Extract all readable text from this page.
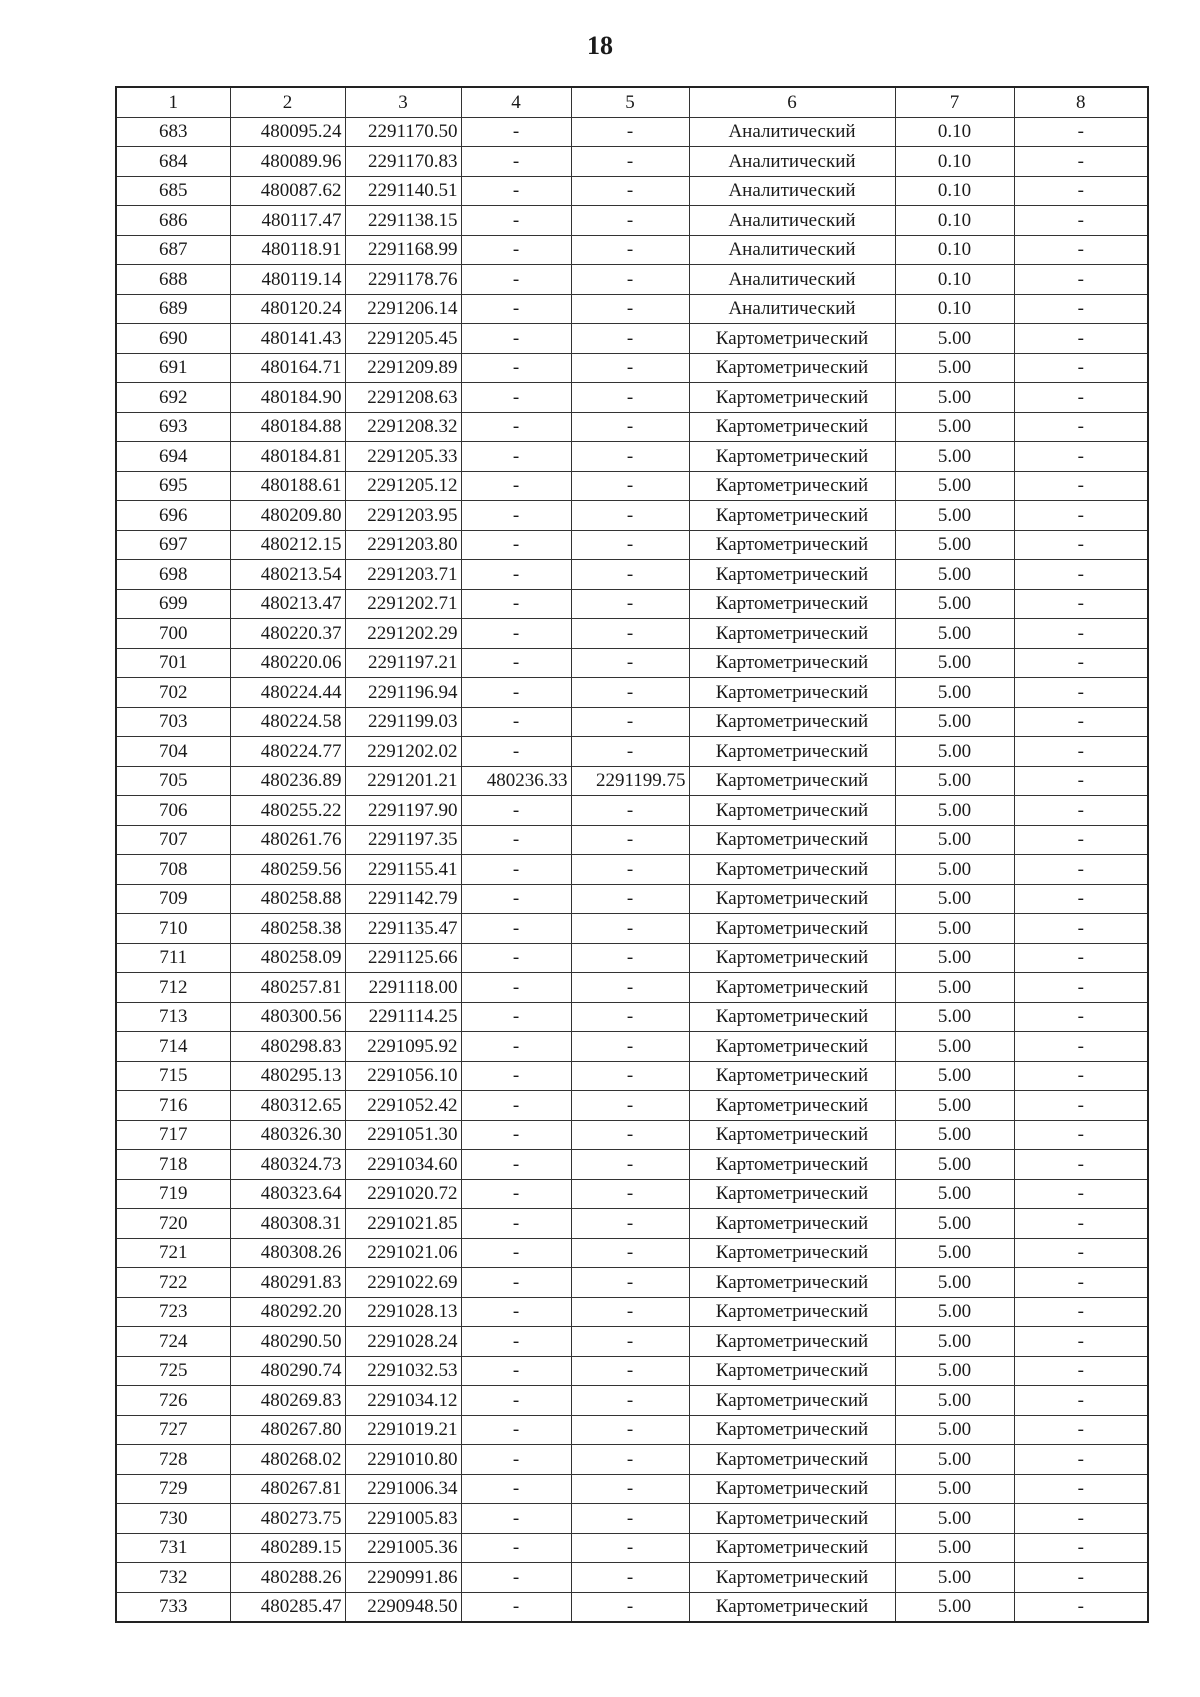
18
1	2	3	4	5	6	7	8
683	480095.24	2291170.50	-	-	Аналитический	0.10	-
684	480089.96	2291170.83	-	-	Аналитический	0.10	-
685	480087.62	2291140.51	-	-	Аналитический	0.10	-
686	480117.47	2291138.15	-	-	Аналитический	0.10	-
687	480118.91	2291168.99	-	-	Аналитический	0.10	-
688	480119.14	2291178.76	-	-	Аналитический	0.10	-
689	480120.24	2291206.14	-	-	Аналитический	0.10	-
690	480141.43	2291205.45	-	-	Картометрический	5.00	-
691	480164.71	2291209.89	-	-	Картометрический	5.00	-
692	480184.90	2291208.63	-	-	Картометрический	5.00	-
693	480184.88	2291208.32	-	-	Картометрический	5.00	-
694	480184.81	2291205.33	-	-	Картометрический	5.00	-
695	480188.61	2291205.12	-	-	Картометрический	5.00	-
696	480209.80	2291203.95	-	-	Картометрический	5.00	-
697	480212.15	2291203.80	-	-	Картометрический	5.00	-
698	480213.54	2291203.71	-	-	Картометрический	5.00	-
699	480213.47	2291202.71	-	-	Картометрический	5.00	-
700	480220.37	2291202.29	-	-	Картометрический	5.00	-
701	480220.06	2291197.21	-	-	Картометрический	5.00	-
702	480224.44	2291196.94	-	-	Картометрический	5.00	-
703	480224.58	2291199.03	-	-	Картометрический	5.00	-
704	480224.77	2291202.02	-	-	Картометрический	5.00	-
705	480236.89	2291201.21	480236.33	2291199.75	Картометрический	5.00	-
706	480255.22	2291197.90	-	-	Картометрический	5.00	-
707	480261.76	2291197.35	-	-	Картометрический	5.00	-
708	480259.56	2291155.41	-	-	Картометрический	5.00	-
709	480258.88	2291142.79	-	-	Картометрический	5.00	-
710	480258.38	2291135.47	-	-	Картометрический	5.00	-
711	480258.09	2291125.66	-	-	Картометрический	5.00	-
712	480257.81	2291118.00	-	-	Картометрический	5.00	-
713	480300.56	2291114.25	-	-	Картометрический	5.00	-
714	480298.83	2291095.92	-	-	Картометрический	5.00	-
715	480295.13	2291056.10	-	-	Картометрический	5.00	-
716	480312.65	2291052.42	-	-	Картометрический	5.00	-
717	480326.30	2291051.30	-	-	Картометрический	5.00	-
718	480324.73	2291034.60	-	-	Картометрический	5.00	-
719	480323.64	2291020.72	-	-	Картометрический	5.00	-
720	480308.31	2291021.85	-	-	Картометрический	5.00	-
721	480308.26	2291021.06	-	-	Картометрический	5.00	-
722	480291.83	2291022.69	-	-	Картометрический	5.00	-
723	480292.20	2291028.13	-	-	Картометрический	5.00	-
724	480290.50	2291028.24	-	-	Картометрический	5.00	-
725	480290.74	2291032.53	-	-	Картометрический	5.00	-
726	480269.83	2291034.12	-	-	Картометрический	5.00	-
727	480267.80	2291019.21	-	-	Картометрический	5.00	-
728	480268.02	2291010.80	-	-	Картометрический	5.00	-
729	480267.81	2291006.34	-	-	Картометрический	5.00	-
730	480273.75	2291005.83	-	-	Картометрический	5.00	-
731	480289.15	2291005.36	-	-	Картометрический	5.00	-
732	480288.26	2290991.86	-	-	Картометрический	5.00	-
733	480285.47	2290948.50	-	-	Картометрический	5.00	-
